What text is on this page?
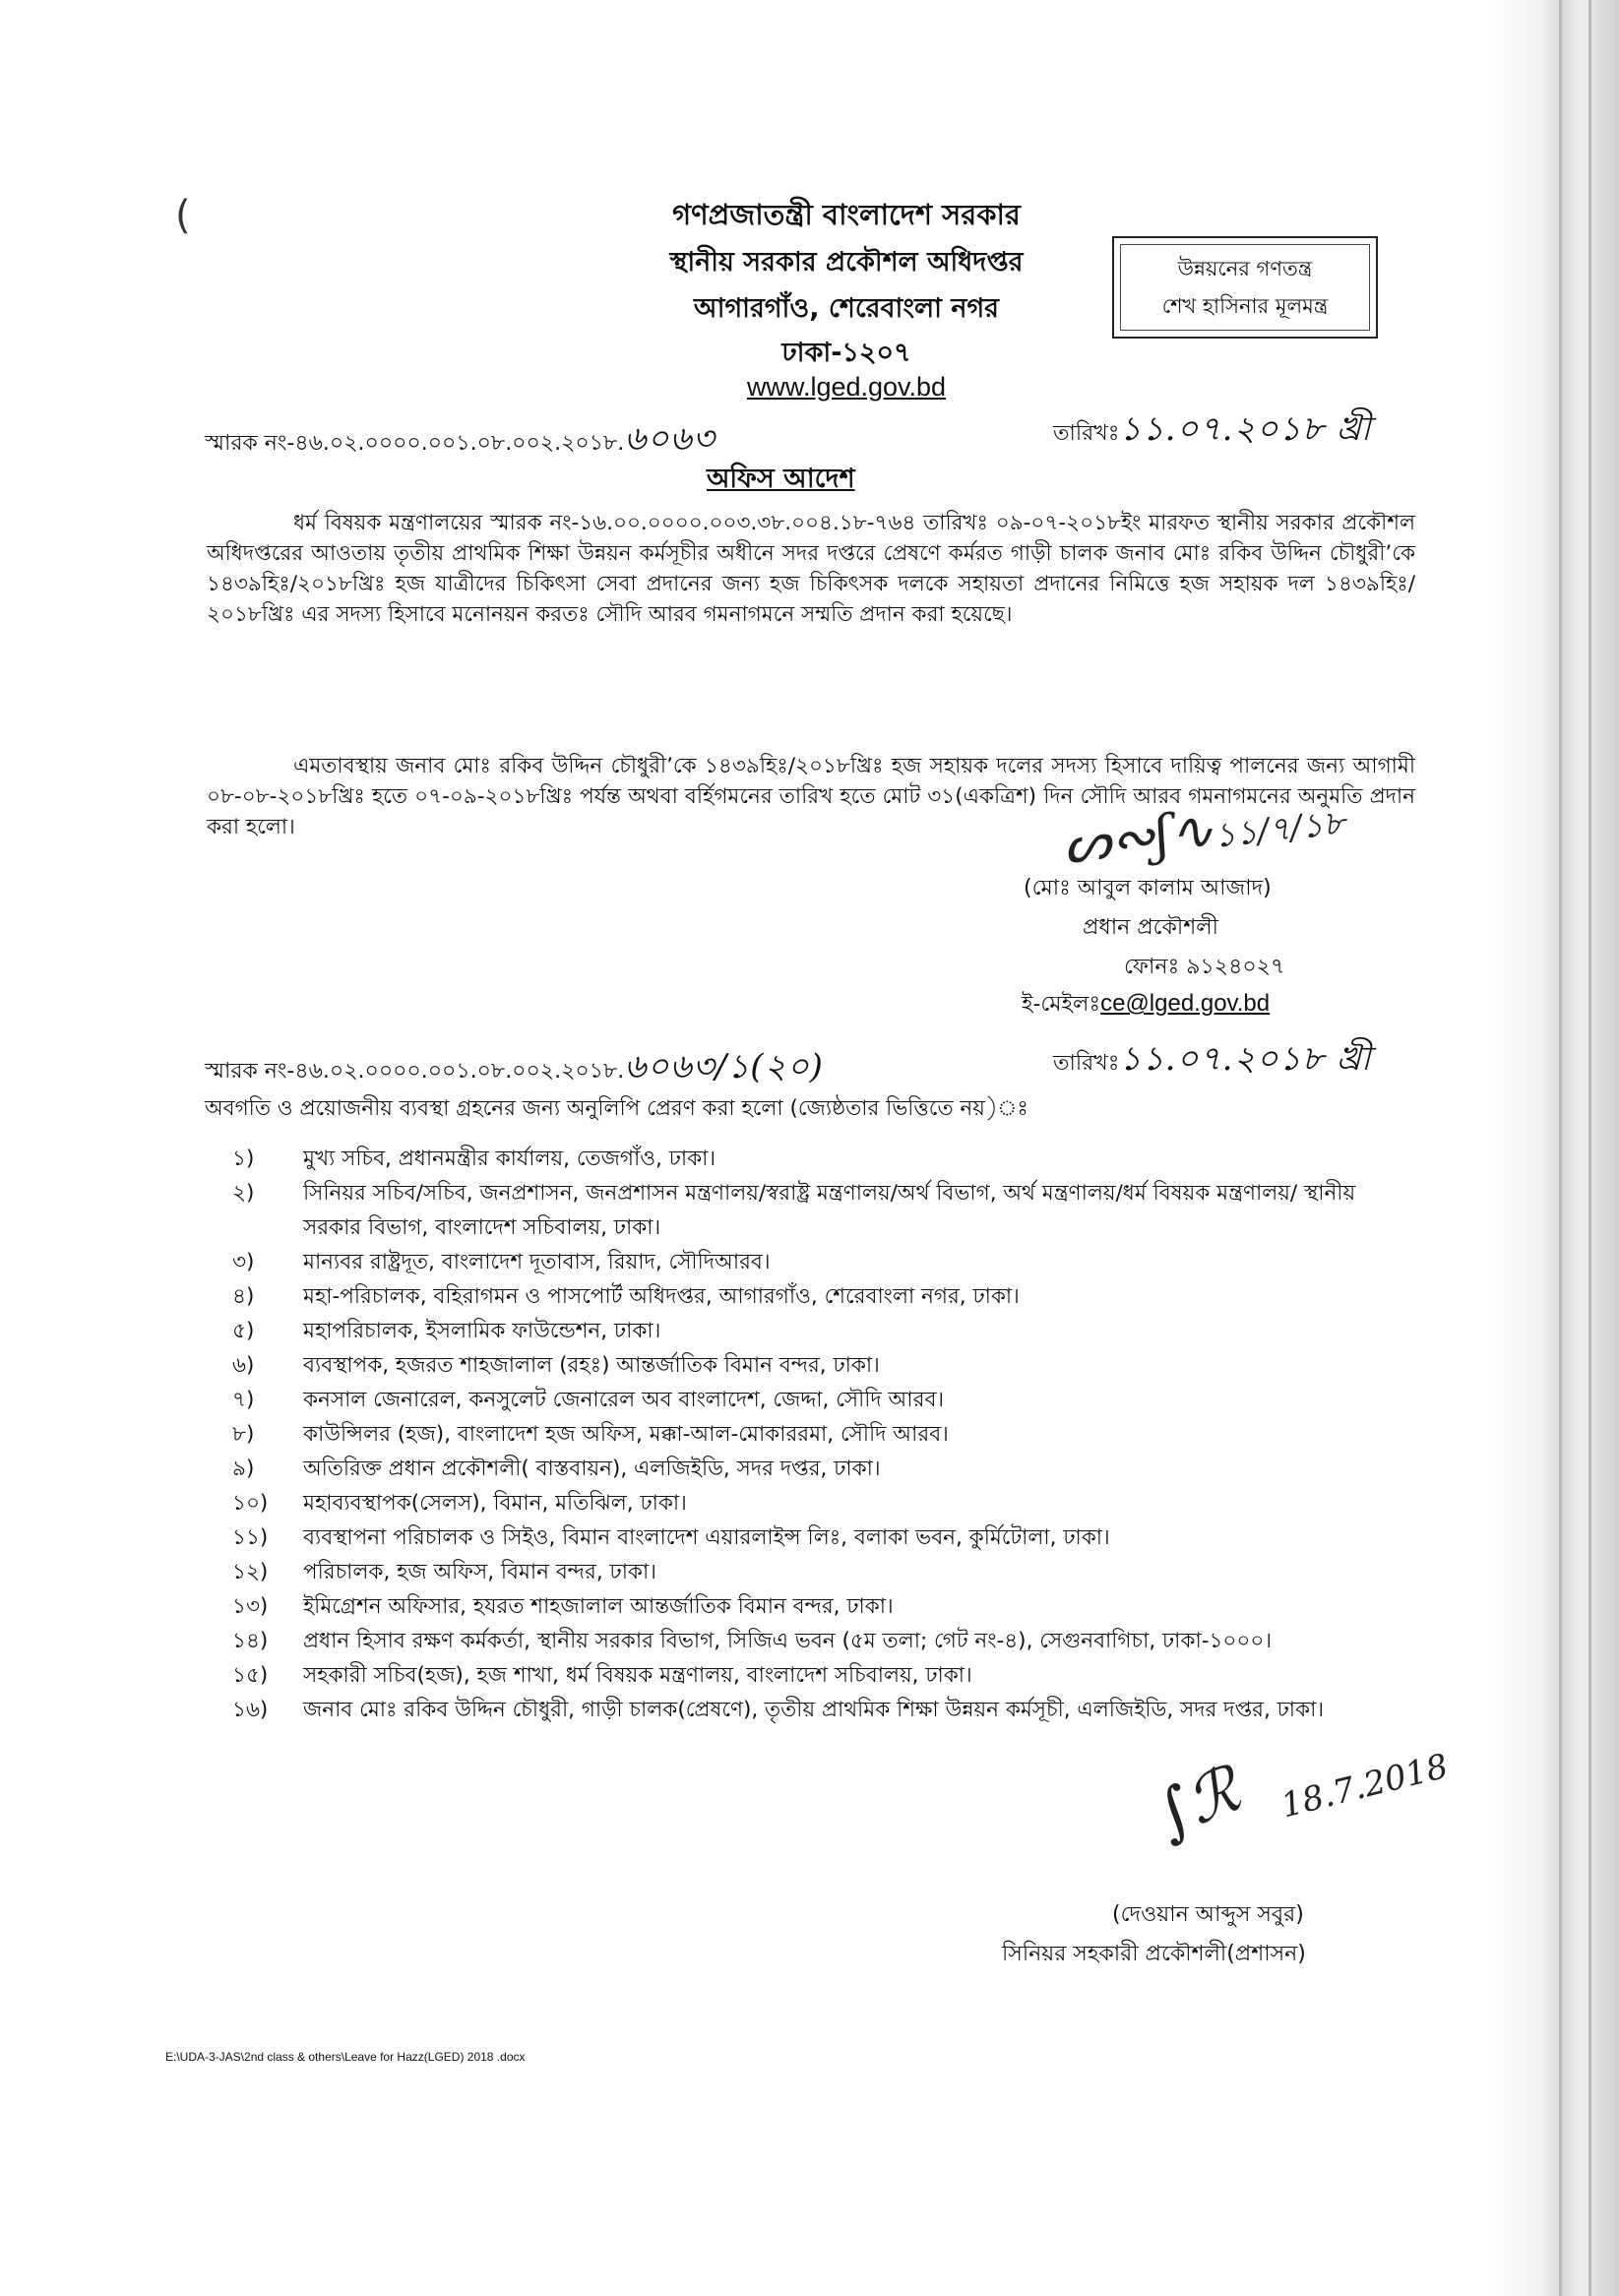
(	গণপ্রজাতন্ত্রী বাংলাদেশ সরকার
স্থানীয় সরকার প্রকৌশল অধিদপ্তর
আগারগাঁও, শেরেবাংলা নগর
ঢাকা-১২০৭
www.lged.gov.bd
উন্নয়নের গণতন্ত্র
শেখ হাসিনার মূলমন্ত্র
স্মারক নং-৪৬.০২.০০০০.০০১.০৮.০০২.২০১৮.৬০৬৩	তারিখঃ১১.০৭.২০১৮ খ্রী
অফিস আদেশ
ধর্ম বিষয়ক মন্ত্রণালয়ের স্মারক নং-১৬.০০.০০০০.০০৩.৩৮.০০৪.১৮-৭৬৪ তারিখঃ ০৯-০৭-২০১৮ইং মারফত স্থানীয় সরকার প্রকৌশল অধিদপ্তরের আওতায় তৃতীয় প্রাথমিক শিক্ষা উন্নয়ন কর্মসূচীর অধীনে সদর দপ্তরে প্রেষণে কর্মরত গাড়ী চালক জনাব মোঃ রকিব উদ্দিন চৌধুরী’কে ১৪৩৯হিঃ/২০১৮খ্রিঃ হজ যাত্রীদের চিকিৎসা সেবা প্রদানের জন্য হজ চিকিৎসক দলকে সহায়তা প্রদানের নিমিত্তে হজ সহায়ক দল ১৪৩৯হিঃ/২০১৮খ্রিঃ এর সদস্য হিসাবে মনোনয়ন করতঃ সৌদি আরব গমনাগমনে সম্মতি প্রদান করা হয়েছে।
এমতাবস্থায় জনাব মোঃ রকিব উদ্দিন চৌধুরী’কে ১৪৩৯হিঃ/২০১৮খ্রিঃ হজ সহায়ক দলের সদস্য হিসাবে দায়িত্ব পালনের জন্য আগামী ০৮-০৮-২০১৮খ্রিঃ হতে ০৭-০৯-২০১৮খ্রিঃ পর্যন্ত অথবা বর্হিগমনের তারিখ হতে মোট ৩১(একত্রিশ) দিন সৌদি আরব গমনাগমনের অনুমতি প্রদান করা হলো।	ᔕ∾ʃ∿১১/৭/১৮
(মোঃ আবুল কালাম আজাদ)
প্রধান প্রকৌশলী
ফোনঃ ৯১২৪০২৭
ই-মেইলঃce@lged.gov.bd
স্মারক নং-৪৬.০২.০০০০.০০১.০৮.০০২.২০১৮.৬০৬৩/১(২০)	তারিখঃ১১.০৭.২০১৮ খ্রী
অবগতি ও প্রয়োজনীয় ব্যবস্থা গ্রহনের জন্য অনুলিপি প্রেরণ করা হলো (জ্যেষ্ঠতার ভিত্তিতে নয়)ঃ
১)	মুখ্য সচিব, প্রধানমন্ত্রীর কার্যালয়, তেজগাঁও, ঢাকা।
২)	সিনিয়র সচিব/সচিব, জনপ্রশাসন, জনপ্রশাসন মন্ত্রণালয়/স্বরাষ্ট্র মন্ত্রণালয়/অর্থ বিভাগ, অর্থ মন্ত্রণালয়/ধর্ম বিষয়ক মন্ত্রণালয়/ স্থানীয় সরকার বিভাগ, বাংলাদেশ সচিবালয়, ঢাকা।
৩)	মান্যবর রাষ্ট্রদূত, বাংলাদেশ দূতাবাস, রিয়াদ, সৌদিআরব।
৪)	মহা-পরিচালক, বহিরাগমন ও পাসপোর্ট অধিদপ্তর, আগারগাঁও, শেরেবাংলা নগর, ঢাকা।
৫)	মহাপরিচালক, ইসলামিক ফাউন্ডেশন, ঢাকা।
৬)	ব্যবস্থাপক, হজরত শাহজালাল (রহঃ) আন্তর্জাতিক বিমান বন্দর, ঢাকা।
৭)	কনসাল জেনারেল, কনসুলেট জেনারেল অব বাংলাদেশ, জেদ্দা, সৌদি আরব।
৮)	কাউন্সিলর (হজ), বাংলাদেশ হজ অফিস, মক্কা-আল-মোকাররমা, সৌদি আরব।
৯)	অতিরিক্ত প্রধান প্রকৌশলী( বাস্তবায়ন), এলজিইডি, সদর দপ্তর, ঢাকা।
১০)	মহাব্যবস্থাপক(সেলস), বিমান, মতিঝিল, ঢাকা।
১১)	ব্যবস্থাপনা পরিচালক ও সিইও, বিমান বাংলাদেশ এয়ারলাইন্স লিঃ, বলাকা ভবন, কুর্মিটোলা, ঢাকা।
১২)	পরিচালক, হজ অফিস, বিমান বন্দর, ঢাকা।
১৩)	ইমিগ্রেশন অফিসার, হযরত শাহজালাল আন্তর্জাতিক বিমান বন্দর, ঢাকা।
১৪)	প্রধান হিসাব রক্ষণ কর্মকর্তা, স্থানীয় সরকার বিভাগ, সিজিএ ভবন (৫ম তলা; গেট নং-৪), সেগুনবাগিচা, ঢাকা-১০০০।
১৫)	সহকারী সচিব(হজ), হজ শাখা, ধর্ম বিষয়ক মন্ত্রণালয়, বাংলাদেশ সচিবালয়, ঢাকা।
১৬)	জনাব মোঃ রকিব উদ্দিন চৌধুরী, গাড়ী চালক(প্রেষণে), তৃতীয় প্রাথমিক শিক্ষা উন্নয়ন কর্মসূচী, এলজিইডি, সদর দপ্তর, ঢাকা।
∫ℛ 18.7.2018
(দেওয়ান আব্দুস সবুর)
সিনিয়র সহকারী প্রকৌশলী(প্রশাসন)
E:\UDA-3-JAS\2nd class & others\Leave for Hazz(LGED) 2018 .docx
